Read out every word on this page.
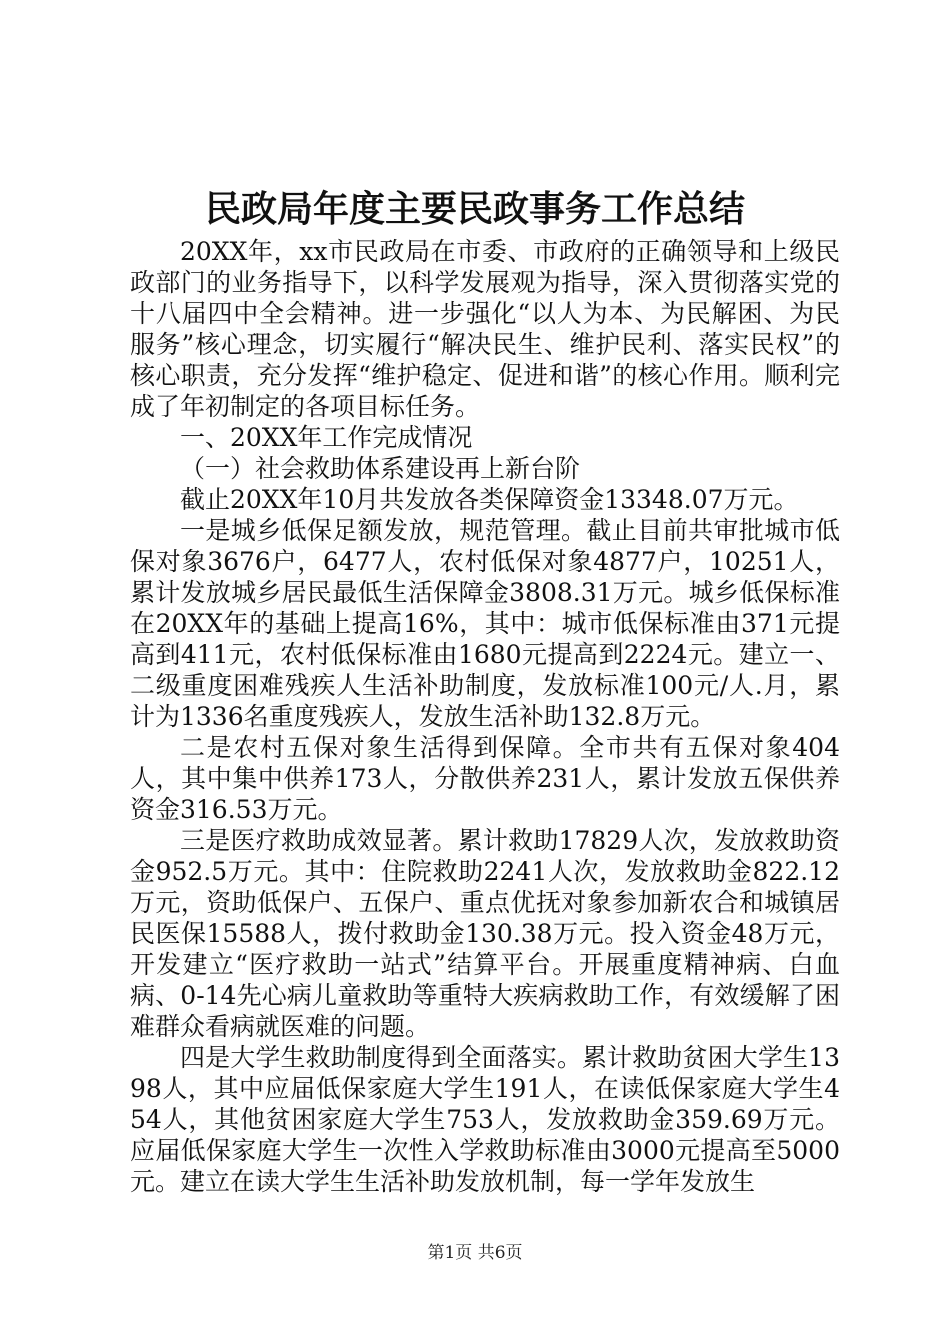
民政局年度主要民政事务工作总结

20XX年，xx市民政局在市委、市政府的正确领导和上级民政部门的业务指导下，以科学发展观为指导，深入贯彻落实党的十八届四中全会精神。进一步强化“以人为本、为民解困、为民服务”核心理念，切实履行“解决民生、维护民利、落实民权”的核心职责，充分发挥“维护稳定、促进和谐”的核心作用。顺利完成了年初制定的各项目标任务。

一、20XX年工作完成情况

（一）社会救助体系建设再上新台阶

截止20XX年10月共发放各类保障资金13348.07万元。

一是城乡低保足额发放，规范管理。截止目前共审批城市低保对象3676户，6477人，农村低保对象4877户，10251人，累计发放城乡居民最低生活保障金3808.31万元。城乡低保标准在20XX年的基础上提高16%，其中：城市低保标准由371元提高到411元，农村低保标准由1680元提高到2224元。建立一、二级重度困难残疾人生活补助制度，发放标准100元/人.月，累计为1336名重度残疾人，发放生活补助132.8万元。

二是农村五保对象生活得到保障。全市共有五保对象404人，其中集中供养173人，分散供养231人，累计发放五保供养资金316.53万元。

三是医疗救助成效显著。累计救助17829人次，发放救助资金952.5万元。其中：住院救助2241人次，发放救助金822.12万元，资助低保户、五保户、重点优抚对象参加新农合和城镇居民医保15588人，拨付救助金130.38万元。投入资金48万元，开发建立“医疗救助一站式”结算平台。开展重度精神病、白血病、0-14先心病儿童救助等重特大疾病救助工作，有效缓解了困难群众看病就医难的问题。

四是大学生救助制度得到全面落实。累计救助贫困大学生1398人，其中应届低保家庭大学生191人，在读低保家庭大学生454人，其他贫困家庭大学生753人，发放救助金359.69万元。应届低保家庭大学生一次性入学救助标准由3000元提高至5000元。建立在读大学生生活补助发放机制，每一学年发放生

第1页 共6页
